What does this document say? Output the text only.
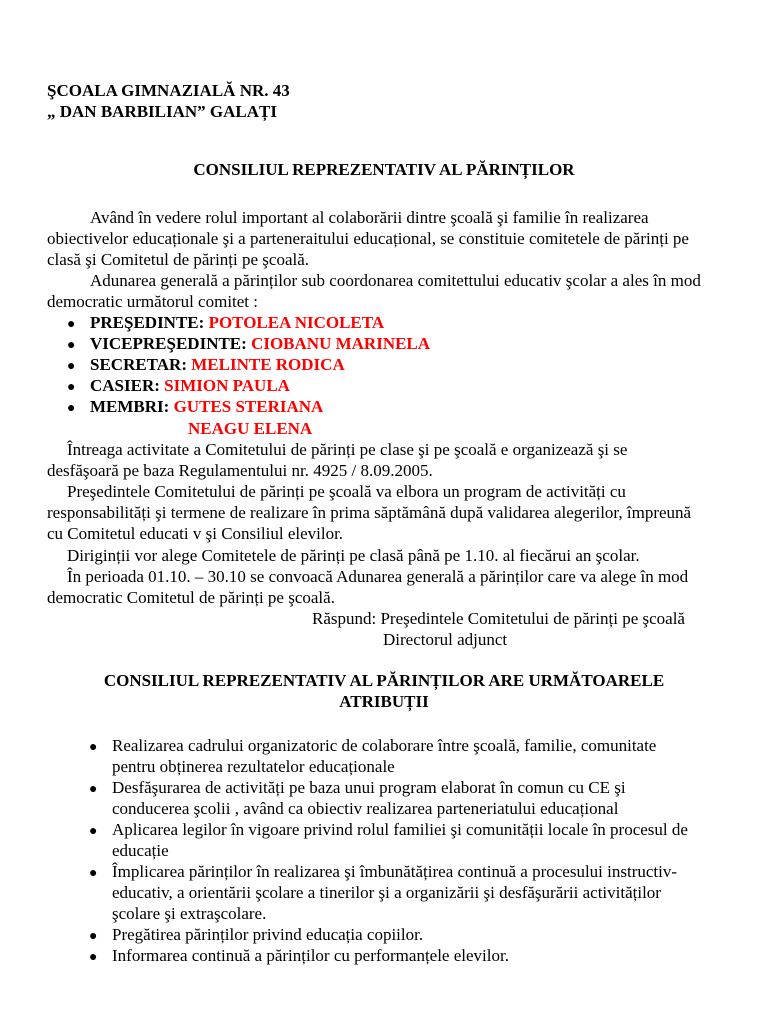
ŞCOALA GIMNAZIALĂ NR. 43
„ DAN BARBILIAN” GALAȚI
CONSILIUL REPREZENTATIV AL PĂRINȚILOR
Având în vedere rolul important al colaborării dintre şcoală şi familie în realizarea
obiectivelor educaționale şi a parteneraitului educațional, se constituie comitetele de părinți pe
clasă şi Comitetul de părinți pe şcoală.
Adunarea generală a părinților sub coordonarea comitettului educativ şcolar a ales în mod
democratic următorul comitet :
● PREŞEDINTE: POTOLEA NICOLETA
● VICEPREŞEDINTE: CIOBANU MARINELA
● SECRETAR: MELINTE RODICA
● CASIER: SIMION PAULA
● MEMBRI: GUTES STERIANA
NEAGU ELENA
Întreaga activitate a Comitetului de părinți pe clase şi pe şcoală e organizează şi se
desfăşoară pe baza Regulamentului nr. 4925 / 8.09.2005.
Preşedintele Comitetului de părinți pe şcoală va elbora un program de activități cu
responsabilități şi termene de realizare în prima săptămână după validarea alegerilor, împreună
cu Comitetul educati v şi Consiliul elevilor.
Diriginții vor alege Comitetele de părinți pe clasă până pe 1.10. al fiecărui an şcolar.
În perioada 01.10. – 30.10 se convoacă Adunarea generală a părinților care va alege în mod
democratic Comitetul de părinți pe şcoală.
Răspund: Preşedintele Comitetului de părinți pe şcoală
Directorul adjunct
CONSILIUL REPREZENTATIV AL PĂRINȚILOR ARE URMĂTOARELE
ATRIBUȚII
● Realizarea cadrului organizatoric de colaborare între şcoală, familie, comunitate
pentru obținerea rezultatelor educaționale
● Desfăşurarea de activități pe baza unui program elaborat în comun cu CE şi
conducerea şcolii , având ca obiectiv realizarea parteneriatului educațional
● Aplicarea legilor în vigoare privind rolul familiei şi comunității locale în procesul de
educație
● Împlicarea părinților în realizarea şi îmbunătățirea continuă a procesului instructiv-
educativ, a orientării şcolare a tinerilor şi a organizării şi desfăşurării activităților
şcolare şi extraşcolare.
● Pregătirea părinților privind educația copiilor.
● Informarea continuă a părinților cu performanțele elevilor.
